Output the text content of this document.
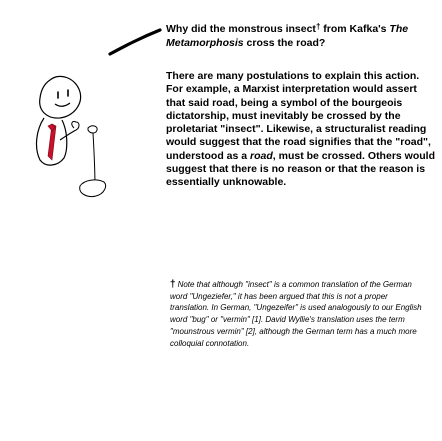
Why did the monstrous insect† from Kafka's The Metamorphosis cross the road?

There are many postulations to explain this action. For example, a Marxist interpretation would assert that said road, being a symbol of the bourgeois dictatorship, must inevitably be crossed by the proletariat "insect". Likewise, a structuralist reading would suggest that the road signifies that the "road", understood as a road, must be crossed. Others would suggest that there is no reason or that the reason is essentially unknowable.

† Note that although "insect" is a common translation of the German word "Ungeziefer," it has been argued that this is not a proper translation. In German, "Ungezeifer" is used analogously to our English word "bug" or "vermin" [1]. David Wyllie's translation uses the term "mounstrous vermin" [2], although the German term has a much more colloquial connotation.
